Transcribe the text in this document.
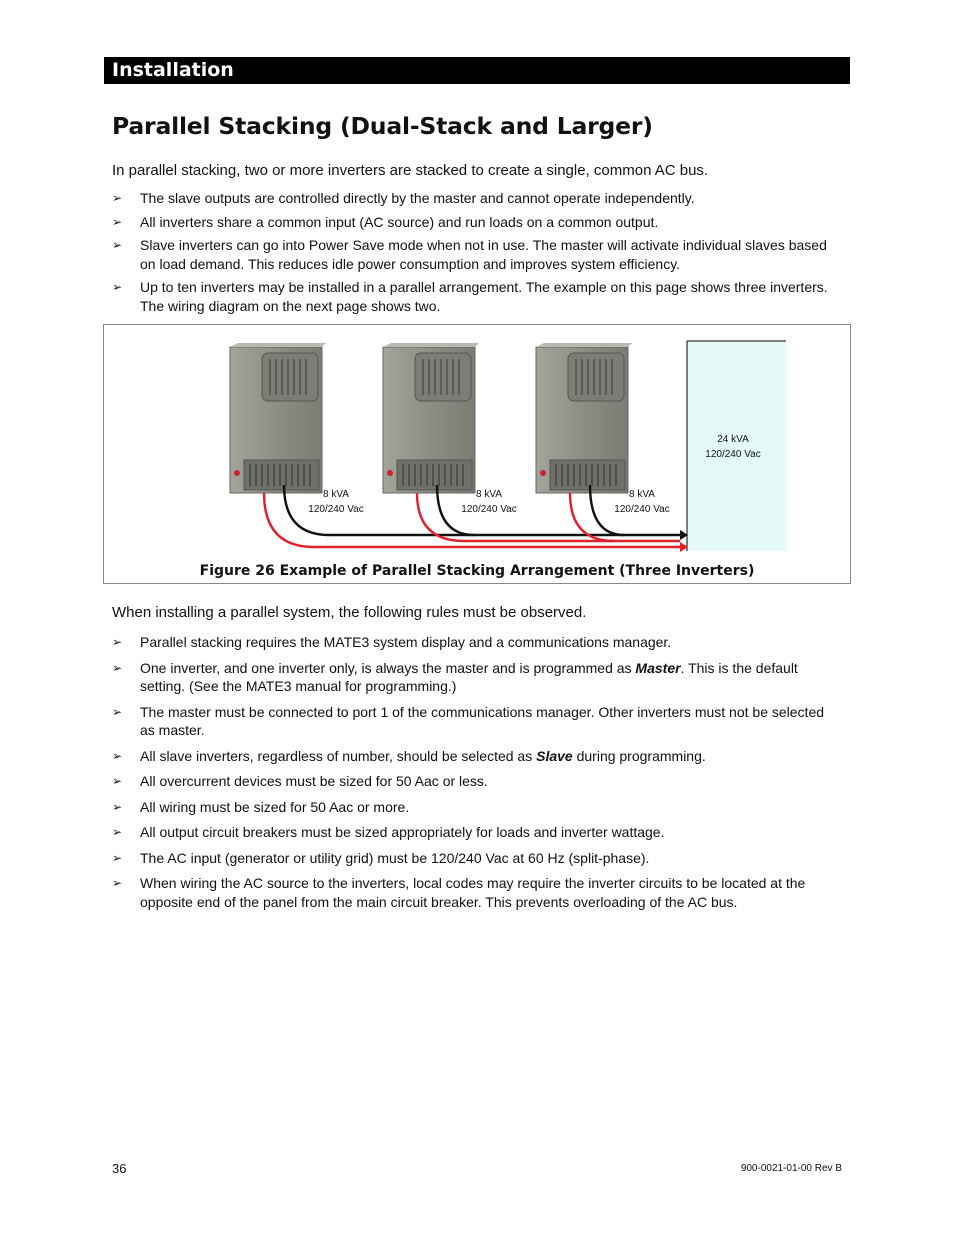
Installation
Parallel Stacking (Dual-Stack and Larger)

In parallel stacking, two or more inverters are stacked to create a single, common AC bus.

➢ The slave outputs are controlled directly by the master and cannot operate independently.
➢ All inverters share a common input (AC source) and run loads on a common output.
➢ Slave inverters can go into Power Save mode when not in use. The master will activate individual slaves based on load demand. This reduces idle power consumption and improves system efficiency.
➢ Up to ten inverters may be installed in a parallel arrangement. The example on this page shows three inverters. The wiring diagram on the next page shows two.
8 kVA
120/240 Vac
8 kVA
120/240 Vac
8 kVA
120/240 Vac
24 kVA
120/240 Vac
Figure 26 Example of Parallel Stacking Arrangement (Three Inverters)

When installing a parallel system, the following rules must be observed.

➢ Parallel stacking requires the MATE3 system display and a communications manager.
➢ One inverter, and one inverter only, is always the master and is programmed as Master. This is the default setting. (See the MATE3 manual for programming.)
➢ The master must be connected to port 1 of the communications manager. Other inverters must not be selected as master.
➢ All slave inverters, regardless of number, should be selected as Slave during programming.
➢ All overcurrent devices must be sized for 50 Aac or less.
➢ All wiring must be sized for 50 Aac or more.
➢ All output circuit breakers must be sized appropriately for loads and inverter wattage.
➢ The AC input (generator or utility grid) must be 120/240 Vac at 60 Hz (split-phase).
➢ When wiring the AC source to the inverters, local codes may require the inverter circuits to be located at the opposite end of the panel from the main circuit breaker. This prevents overloading of the AC bus.
36	900-0021-01-00 Rev B
